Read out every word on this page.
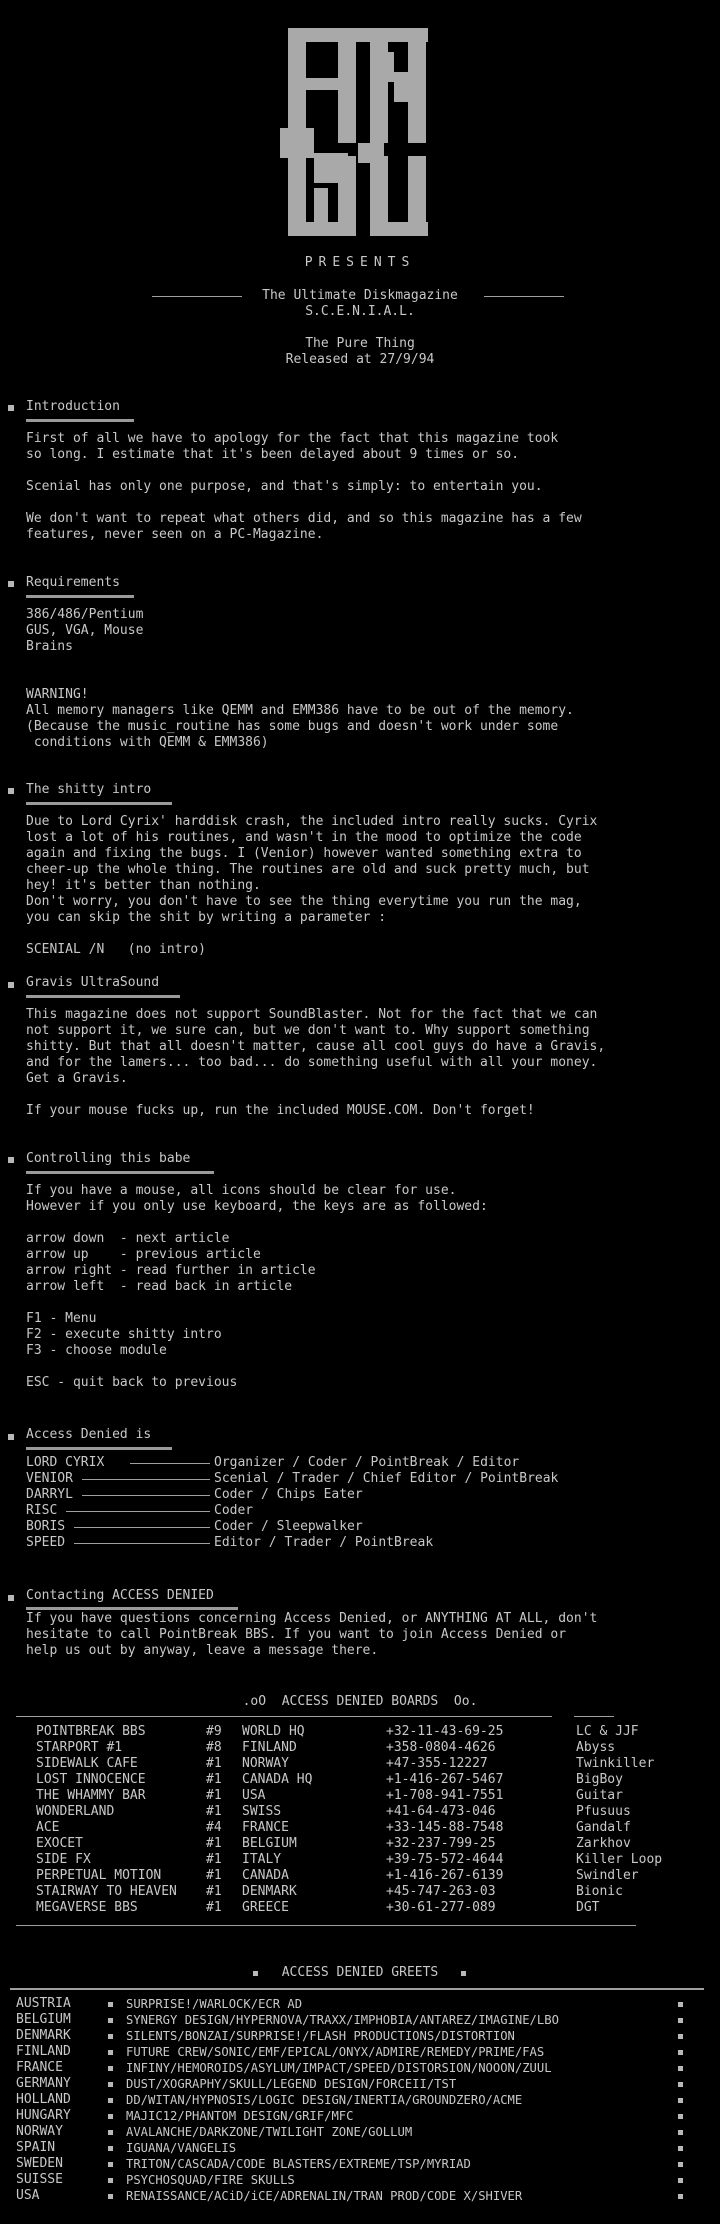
PRESENTS
The Ultimate Diskmagazine
S.C.E.N.I.A.L.
The Pure Thing
Released at 27/9/94
Introduction
First of all we have to apology for the fact that this magazine took
so long. I estimate that it's been delayed about 9 times or so.
Scenial has only one purpose, and that's simply: to entertain you.
We don't want to repeat what others did, and so this magazine has a few
features, never seen on a PC-Magazine.
Requirements
386/486/Pentium
GUS, VGA, Mouse
Brains
WARNING!
All memory managers like QEMM and EMM386 have to be out of the memory.
(Because the music_routine has some bugs and doesn't work under some
conditions with QEMM & EMM386)
The shitty intro
Due to Lord Cyrix' harddisk crash, the included intro really sucks. Cyrix
lost a lot of his routines, and wasn't in the mood to optimize the code
again and fixing the bugs. I (Venior) however wanted something extra to
cheer-up the whole thing. The routines are old and suck pretty much, but
hey! it's better than nothing.
Don't worry, you don't have to see the thing everytime you run the mag,
you can skip the shit by writing a parameter :
SCENIAL /N   (no intro)
Gravis UltraSound
This magazine does not support SoundBlaster. Not for the fact that we can
not support it, we sure can, but we don't want to. Why support something
shitty. But that all doesn't matter, cause all cool guys do have a Gravis,
and for the lamers... too bad... do something useful with all your money.
Get a Gravis.
If your mouse fucks up, run the included MOUSE.COM. Don't forget!
Controlling this babe
If you have a mouse, all icons should be clear for use.
However if you only use keyboard, the keys are as followed:
arrow down  - next article
arrow up    - previous article
arrow right - read further in article
arrow left  - read back in article
F1 - Menu
F2 - execute shitty intro
F3 - choose module
ESC - quit back to previous
Access Denied is
LORD CYRIX	Organizer / Coder / PointBreak / Editor
VENIOR	Scenial / Trader / Chief Editor / PointBreak
DARRYL	Coder / Chips Eater
RISC	Coder
BORIS	Coder / Sleepwalker
SPEED	Editor / Trader / PointBreak
Contacting ACCESS DENIED
If you have questions concerning Access Denied, or ANYTHING AT ALL, don't
hesitate to call PointBreak BBS. If you want to join Access Denied or
help us out by anyway, leave a message there.
.oO  ACCESS DENIED BOARDS  Oo.
POINTBREAK BBS	#9 WORLD HQ	+32-11-43-69-25	LC & JJF
STARPORT #1	#8 FINLAND	+358-0804-4626	Abyss
SIDEWALK CAFE	#1 NORWAY	+47-355-12227	Twinkiller
LOST INNOCENCE	#1 CANADA HQ	+1-416-267-5467	BigBoy
THE WHAMMY BAR	#1 USA	+1-708-941-7551	Guitar
WONDERLAND	#1 SWISS	+41-64-473-046	Pfusuus
ACE	#4 FRANCE	+33-145-88-7548	Gandalf
EXOCET	#1 BELGIUM	+32-237-799-25	Zarkhov
SIDE FX	#1 ITALY	+39-75-572-4644	Killer Loop
PERPETUAL MOTION	#1 CANADA	+1-416-267-6139	Swindler
STAIRWAY TO HEAVEN #1 DENMARK	+45-747-263-03	Bionic
MEGAVERSE BBS	#1 GREECE	+30-61-277-089	DGT
ACCESS DENIED GREETS
AUSTRIA	SURPRISE!/WARLOCK/ECR AD
BELGIUM	SYNERGY DESIGN/HYPERNOVA/TRAXX/IMPHOBIA/ANTAREZ/IMAGINE/LBO
DENMARK	SILENTS/BONZAI/SURPRISE!/FLASH PRODUCTIONS/DISTORTION
FINLAND	FUTURE CREW/SONIC/EMF/EPICAL/ONYX/ADMIRE/REMEDY/PRIME/FAS
FRANCE	INFINY/HEMOROIDS/ASYLUM/IMPACT/SPEED/DISTORSION/NOOON/ZUUL
GERMANY	DUST/XOGRAPHY/SKULL/LEGEND DESIGN/FORCEII/TST
HOLLAND	DD/WITAN/HYPNOSIS/LOGIC DESIGN/INERTIA/GROUNDZERO/ACME
HUNGARY	MAJIC12/PHANTOM DESIGN/GRIF/MFC
NORWAY	AVALANCHE/DARKZONE/TWILIGHT ZONE/GOLLUM
SPAIN	IGUANA/VANGELIS
SWEDEN	TRITON/CASCADA/CODE BLASTERS/EXTREME/TSP/MYRIAD
SUISSE	PSYCHOSQUAD/FIRE SKULLS
USA	RENAISSANCE/ACiD/iCE/ADRENALIN/TRAN PROD/CODE X/SHIVER
